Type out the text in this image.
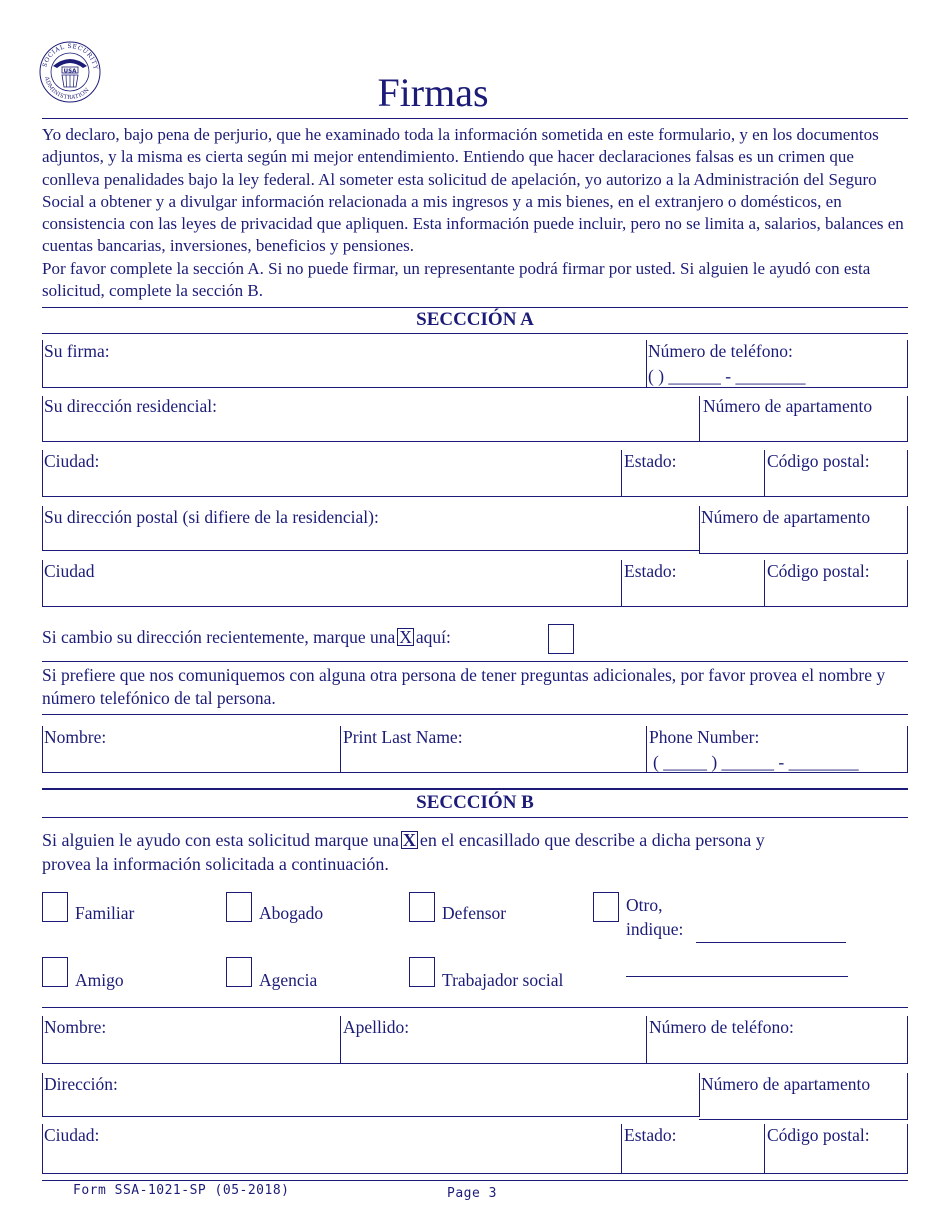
USA
SOCIAL SECURITY
ADMINISTRATION	Firmas

Yo declaro, bajo pena de perjurio, que he examinado toda la información sometida en este formulario, y en los documentos adjuntos, y la misma es cierta según mi mejor entendimiento. Entiendo que hacer declaraciones falsas es un crimen que conlleva penalidades bajo la ley federal. Al someter esta solicitud de apelación, yo autorizo a la Administración del Seguro Social a obtener y a divulgar información relacionada a mis ingresos y a mis bienes, en el extranjero o domésticos, en consistencia con las leyes de privacidad que apliquen. Esta información puede incluir, pero no se limita a, salarios, balances en cuentas bancarias, inversiones, beneficios y pensiones.

Por favor complete la sección A. Si no puede firmar, un representante podrá firmar por usted. Si alguien le ayudó con esta solicitud, complete la sección B.

SECCCIÓN A
Su firma:	Número de teléfono:
( ) ______ - ________
Su dirección residencial:	Número de apartamento
Ciudad:	Estado:	Código postal:
Su dirección postal (si difiere de la residencial):	Número de apartamento
Ciudad	Estado:	Código postal:
Si cambio su dirección recientemente, marque una X aquí:
Si prefiere que nos comuniquemos con alguna otra persona de tener preguntas adicionales, por favor provea el nombre y número telefónico de tal persona.
Nombre:	Print Last Name:	Phone Number:
( _____ ) ______ - ________
SECCCIÓN B
Si alguien le ayudo con esta solicitud marque una X en el encasillado que describe a dicha persona y
provea la información solicitada a continuación.
Familiar	Abogado	Defensor	Otro,
indique:
Amigo	Agencia	Trabajador social
Nombre:	Apellido:	Número de teléfono:
Dirección:	Número de apartamento
Ciudad:	Estado:	Código postal:
Form SSA-1021-SP (05-2018)	Page 3
